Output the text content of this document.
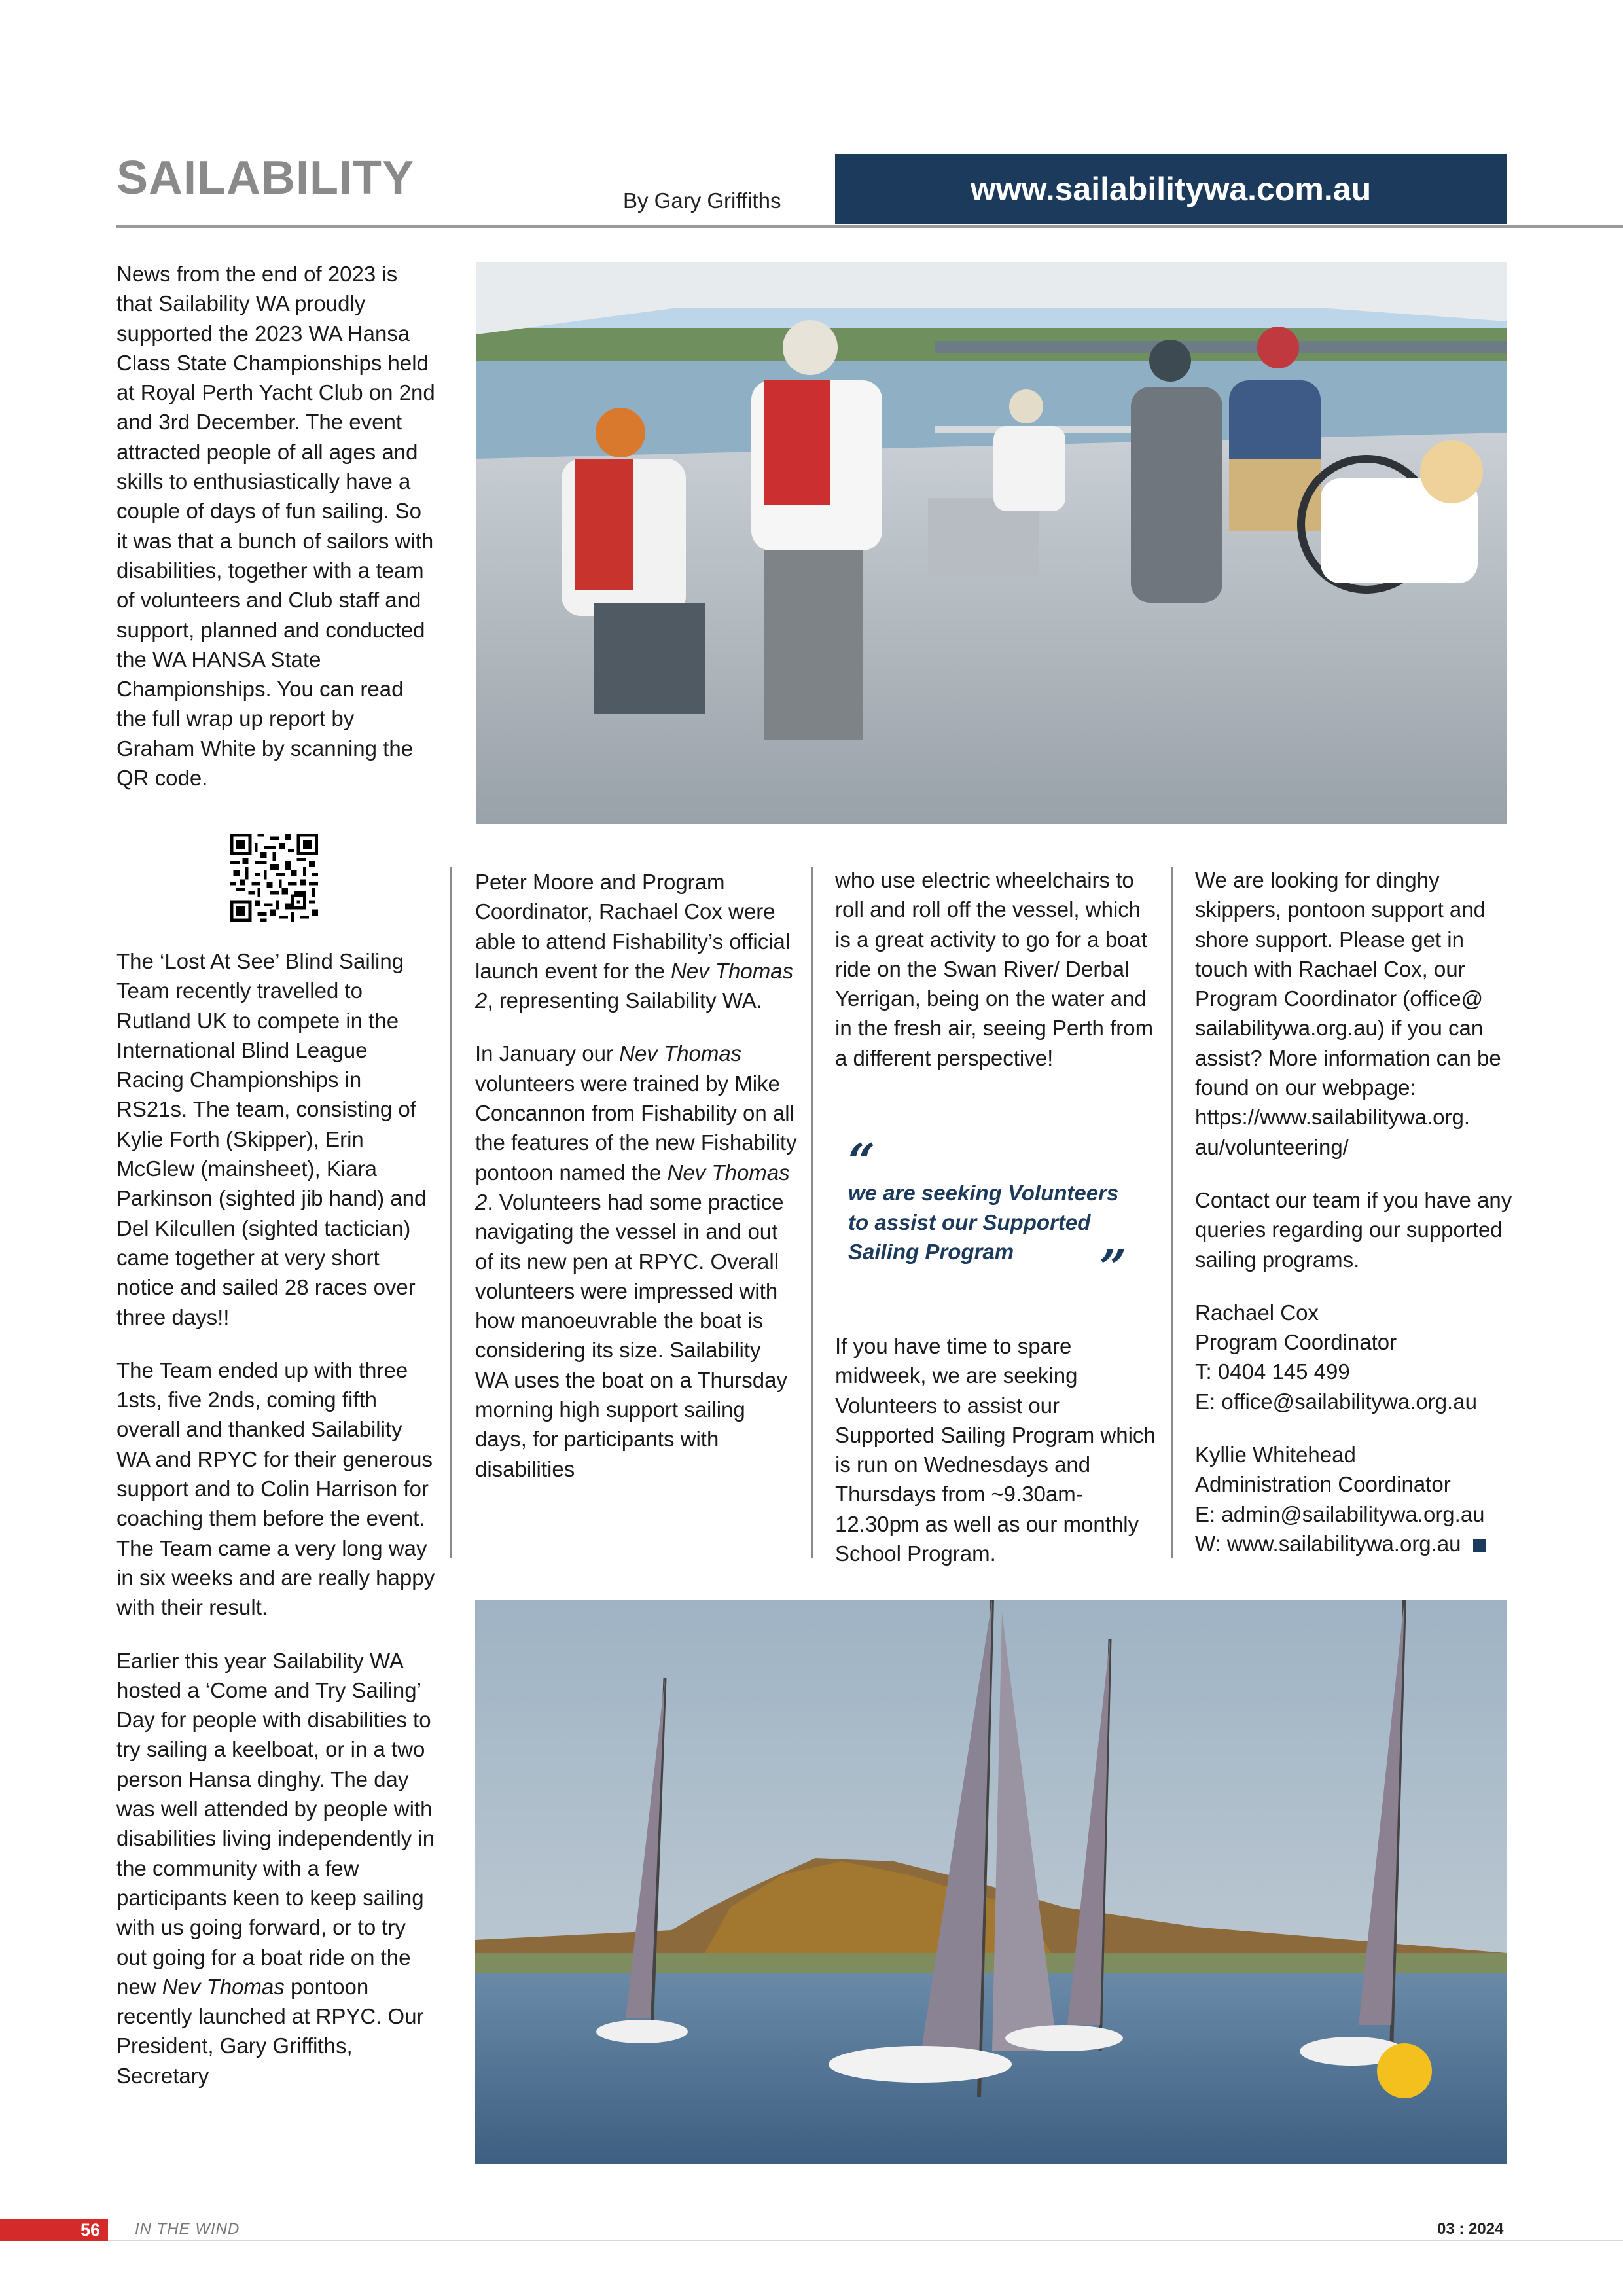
SAILABILITY	By Gary Griffiths	www.sailabilitywa.com.au

News from the end of 2023 is that Sailability WA proudly supported the 2023 WA Hansa Class State Championships held at Royal Perth Yacht Club on 2nd and 3rd December. The event attracted people of all ages and skills to enthusiastically have a couple of days of fun sailing. So it was that a bunch of sailors with disabilities, together with a team of volunteers and Club staff and support, planned and conducted the WA HANSA State Championships. You can read the full wrap up report by Graham White by scanning the QR code.

The ‘Lost At See’ Blind Sailing Team recently travelled to Rutland UK to compete in the International Blind League Racing Championships in RS21s. The team, consisting of Kylie Forth (Skipper), Erin McGlew (mainsheet), Kiara Parkinson (sighted jib hand) and Del Kilcullen (sighted tactician) came together at very short notice and sailed 28 races over three days!!

The Team ended up with three 1sts, five 2nds, coming fifth overall and thanked Sailability WA and RPYC for their generous support and to Colin Harrison for coaching them before the event. The Team came a very long way in six weeks and are really happy with their result.

Earlier this year Sailability WA hosted a ‘Come and Try Sailing’ Day for people with disabilities to try sailing a keelboat, or in a two person Hansa dinghy. The day was well attended by people with disabilities living independently in the community with a few participants keen to keep sailing with us going forward, or to try out going for a boat ride on the new Nev Thomas pontoon recently launched at RPYC. Our President, Gary Griffiths, Secretary

Peter Moore and Program Coordinator, Rachael Cox were able to attend Fishability’s official launch event for the Nev Thomas 2, representing Sailability WA.

In January our Nev Thomas volunteers were trained by Mike Concannon from Fishability on all the features of the new Fishability pontoon named the Nev Thomas 2. Volunteers had some practice navigating the vessel in and out of its new pen at RPYC. Overall volunteers were impressed with how manoeuvrable the boat is considering its size. Sailability WA uses the boat on a Thursday morning high support sailing days, for participants with disabilities

who use electric wheelchairs to roll and roll off the vessel, which is a great activity to go for a boat ride on the Swan River/ Derbal Yerrigan, being on the water and in the fresh air, seeing Perth from a different perspective!

“
we are seeking Volunteers to assist our Supported Sailing Program	”

If you have time to spare midweek, we are seeking Volunteers to assist our Supported Sailing Program which is run on Wednesdays and Thursdays from ~9.30am-12.30pm as well as our monthly School Program.

We are looking for dinghy skippers, pontoon support and shore support. Please get in touch with Rachael Cox, our Program Coordinator (office@ sailabilitywa.org.au) if you can assist? More information can be found on our webpage: https://www.sailabilitywa.org. au/volunteering/

Contact our team if you have any queries regarding our supported sailing programs.

Rachael Cox
Program Coordinator
T: 0404 145 499
E: office@sailabilitywa.org.au

Kyllie Whitehead
Administration Coordinator
E: admin@sailabilitywa.org.au
W: www.sailabilitywa.org.au

56	IN THE WIND	03 : 2024
